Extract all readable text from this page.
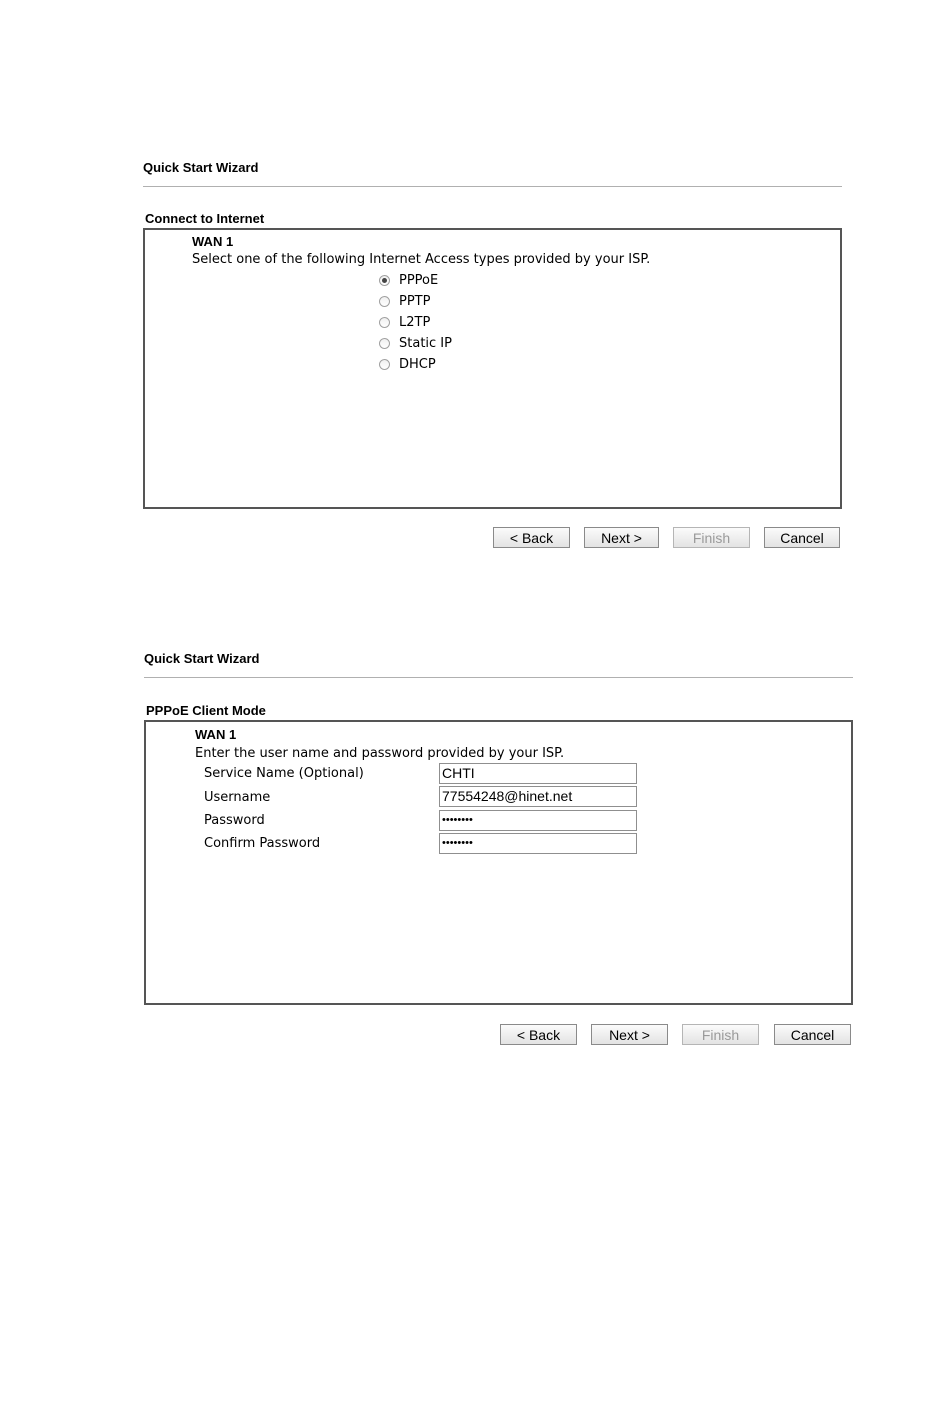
Quick Start Wizard
Connect to Internet
WAN 1
Select one of the following Internet Access types provided by your ISP.
PPPoE
PPTP
L2TP
Static IP
DHCP
< Back	Next >	Finish	Cancel
Quick Start Wizard
PPPoE Client Mode
WAN 1
Enter the user name and password provided by your ISP.
Service Name (Optional)	CHTI
Username	77554248@hinet.net
Password	••••••••
Confirm Password	••••••••
< Back	Next >	Finish	Cancel
